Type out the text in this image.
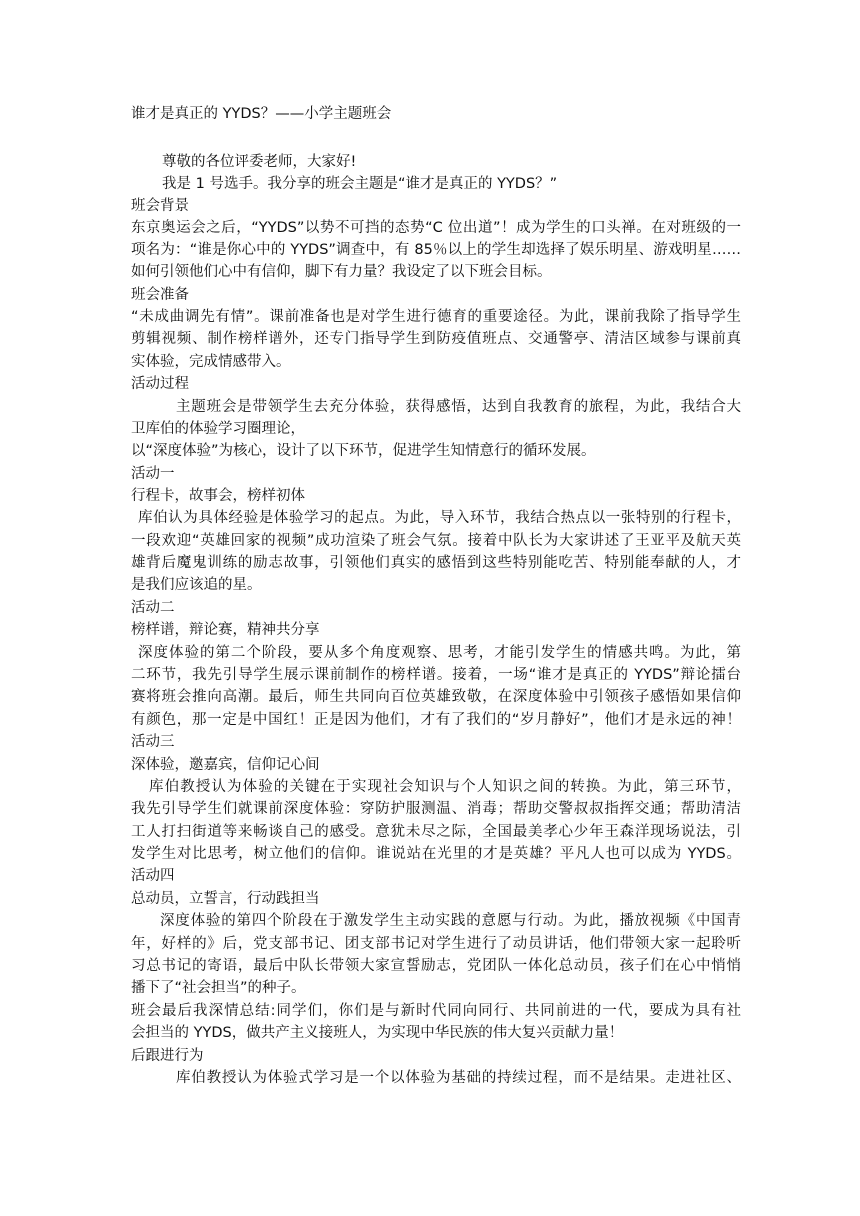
谁才是真正的 YYDS？——小学主题班会
尊敬的各位评委老师，大家好!
我是 1 号选手。我分享的班会主题是“谁才是真正的 YYDS？”
班会背景
东京奥运会之后，“YYDS”以势不可挡的态势“C 位出道”！成为学生的口头禅。在对班级的一
项名为：“谁是你心中的 YYDS”调查中，有 85％以上的学生却选择了娱乐明星、游戏明星……
如何引领他们心中有信仰，脚下有力量？我设定了以下班会目标。
班会准备
“未成曲调先有情”。课前准备也是对学生进行德育的重要途径。为此，课前我除了指导学生
剪辑视频、制作榜样谱外，还专门指导学生到防疫值班点、交通警亭、清洁区域参与课前真
实体验，完成情感带入。
活动过程
主题班会是带领学生去充分体验，获得感悟，达到自我教育的旅程，为此，我结合大
卫库伯的体验学习圈理论，
以“深度体验”为核心，设计了以下环节，促进学生知情意行的循环发展。
活动一
行程卡，故事会，榜样初体
库伯认为具体经验是体验学习的起点。为此，导入环节，我结合热点以一张特别的行程卡，
一段欢迎“英雄回家的视频”成功渲染了班会气氛。接着中队长为大家讲述了王亚平及航天英
雄背后魔鬼训练的励志故事，引领他们真实的感悟到这些特别能吃苦、特别能奉献的人，才
是我们应该追的星。
活动二
榜样谱，辩论赛，精神共分享
深度体验的第二个阶段，要从多个角度观察、思考，才能引发学生的情感共鸣。为此，第
二环节，我先引导学生展示课前制作的榜样谱。接着，一场“谁才是真正的 YYDS”辩论擂台
赛将班会推向高潮。最后，师生共同向百位英雄致敬，在深度体验中引领孩子感悟如果信仰
有颜色，那一定是中国红！正是因为他们，才有了我们的“岁月静好”，他们才是永远的神！
活动三
深体验，邀嘉宾，信仰记心间
库伯教授认为体验的关键在于实现社会知识与个人知识之间的转换。为此，第三环节，
我先引导学生们就课前深度体验：穿防护服测温、消毒；帮助交警叔叔指挥交通；帮助清洁
工人打扫街道等来畅谈自己的感受。意犹未尽之际，全国最美孝心少年王森洋现场说法，引
发学生对比思考，树立他们的信仰。谁说站在光里的才是英雄？平凡人也可以成为 YYDS。
活动四
总动员，立誓言，行动践担当
深度体验的第四个阶段在于激发学生主动实践的意愿与行动。为此，播放视频《中国青
年，好样的》后，党支部书记、团支部书记对学生进行了动员讲话，他们带领大家一起聆听
习总书记的寄语，最后中队长带领大家宣誓励志，党团队一体化总动员，孩子们在心中悄悄
播下了“社会担当”的种子。
班会最后我深情总结:同学们，你们是与新时代同向同行、共同前进的一代，要成为具有社
会担当的 YYDS，做共产主义接班人，为实现中华民族的伟大复兴贡献力量！
后跟进行为
库伯教授认为体验式学习是一个以体验为基础的持续过程，而不是结果。走进社区、
